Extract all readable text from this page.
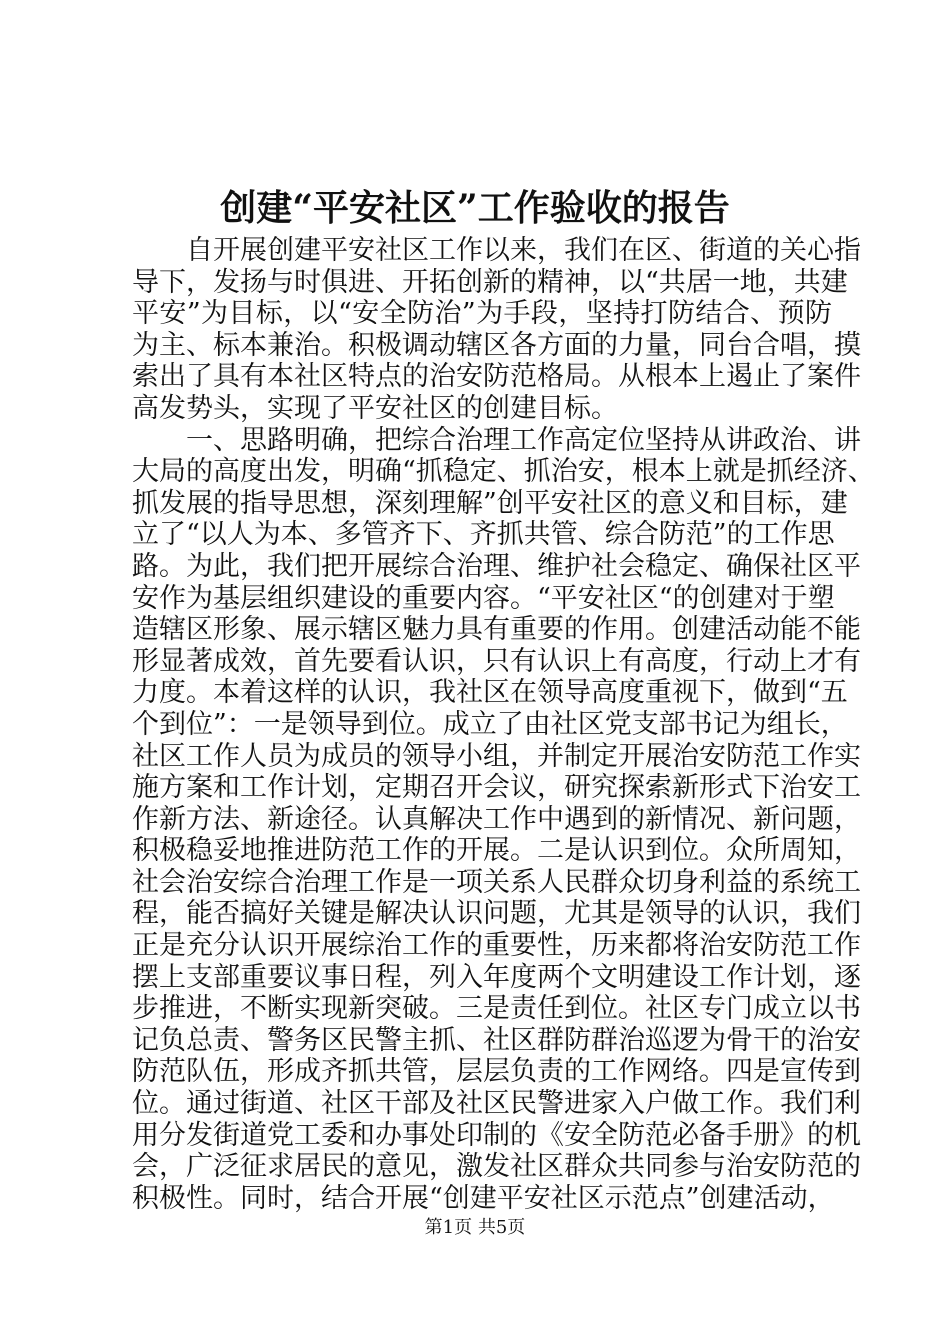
创建“平安社区”工作验收的报告
自开展创建平安社区工作以来，我们在区、街道的关心指
导下，发扬与时俱进、开拓创新的精神，以“共居一地，共建
平安”为目标，以“安全防治”为手段，坚持打防结合、预防
为主、标本兼治。积极调动辖区各方面的力量，同台合唱，摸
索出了具有本社区特点的治安防范格局。从根本上遏止了案件
高发势头，实现了平安社区的创建目标。
一、思路明确，把综合治理工作高定位坚持从讲政治、讲
大局的高度出发，明确“抓稳定、抓治安，根本上就是抓经济、
抓发展的指导思想，深刻理解”创平安社区的意义和目标，建
立了“以人为本、多管齐下、齐抓共管、综合防范”的工作思
路。为此，我们把开展综合治理、维护社会稳定、确保社区平
安作为基层组织建设的重要内容。“平安社区“的创建对于塑
造辖区形象、展示辖区魅力具有重要的作用。创建活动能不能
形显著成效，首先要看认识，只有认识上有高度，行动上才有
力度。本着这样的认识，我社区在领导高度重视下，做到“五
个到位”：一是领导到位。成立了由社区党支部书记为组长，
社区工作人员为成员的领导小组，并制定开展治安防范工作实
施方案和工作计划，定期召开会议，研究探索新形式下治安工
作新方法、新途径。认真解决工作中遇到的新情况、新问题，
积极稳妥地推进防范工作的开展。二是认识到位。众所周知，
社会治安综合治理工作是一项关系人民群众切身利益的系统工
程，能否搞好关键是解决认识问题，尤其是领导的认识，我们
正是充分认识开展综治工作的重要性，历来都将治安防范工作
摆上支部重要议事日程，列入年度两个文明建设工作计划，逐
步推进，不断实现新突破。三是责任到位。社区专门成立以书
记负总责、警务区民警主抓、社区群防群治巡逻为骨干的治安
防范队伍，形成齐抓共管，层层负责的工作网络。四是宣传到
位。通过街道、社区干部及社区民警进家入户做工作。我们利
用分发街道党工委和办事处印制的《安全防范必备手册》的机
会，广泛征求居民的意见，激发社区群众共同参与治安防范的
积极性。同时，结合开展“创建平安社区示范点”创建活动，
第1页 共5页
